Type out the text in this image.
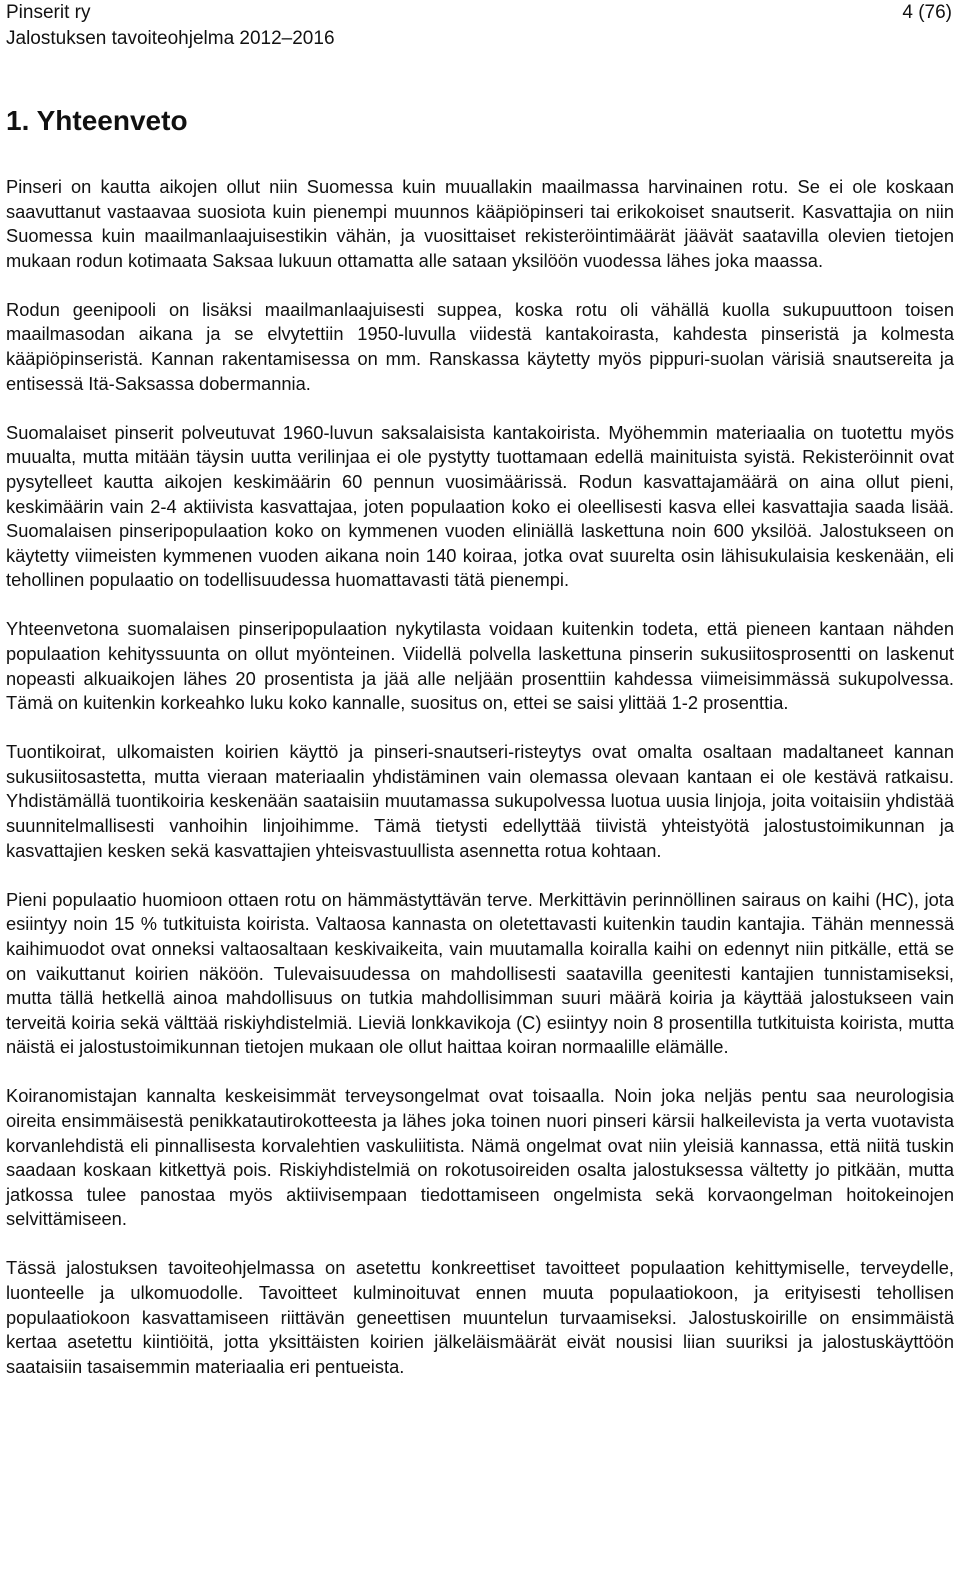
Pinserit ry	4 (76)
Jalostuksen tavoiteohjelma 2012–2016
1. Yhteenveto

Pinseri on kautta aikojen ollut niin Suomessa kuin muuallakin maailmassa harvinainen rotu. Se ei ole koskaan saavuttanut vastaavaa suosiota kuin pienempi muunnos kääpiöpinseri tai erikokoiset snautserit. Kasvattajia on niin Suomessa kuin maailmanlaajuisestikin vähän, ja vuosittaiset rekisteröintimäärät jäävät saatavilla olevien tietojen mukaan rodun kotimaata Saksaa lukuun ottamatta alle sataan yksilöön vuodessa lähes joka maassa.

Rodun geenipooli on lisäksi maailmanlaajuisesti suppea, koska rotu oli vähällä kuolla sukupuuttoon toisen maailmasodan aikana ja se elvytettiin 1950-luvulla viidestä kantakoirasta, kahdesta pinseristä ja kolmesta kääpiöpinseristä. Kannan rakentamisessa on mm. Ranskassa käytetty myös pippuri-suolan värisiä snautsereita ja entisessä Itä-Saksassa dobermannia.

Suomalaiset pinserit polveutuvat 1960-luvun saksalaisista kantakoirista. Myöhemmin materiaalia on tuotettu myös muualta, mutta mitään täysin uutta verilinjaa ei ole pystytty tuottamaan edellä mainituista syistä. Rekisteröinnit ovat pysytelleet kautta aikojen keskimäärin 60 pennun vuosimäärissä. Rodun kasvattajamäärä on aina ollut pieni, keskimäärin vain 2-4 aktiivista kasvattajaa, joten populaation koko ei oleellisesti kasva ellei kasvattajia saada lisää. Suomalaisen pinseripopulaation koko on kymmenen vuoden eliniällä laskettuna noin 600 yksilöä. Jalostukseen on käytetty viimeisten kymmenen vuoden aikana noin 140 koiraa, jotka ovat suurelta osin lähisukulaisia keskenään, eli tehollinen populaatio on todellisuudessa huomattavasti tätä pienempi.

Yhteenvetona suomalaisen pinseripopulaation nykytilasta voidaan kuitenkin todeta, että pieneen kantaan nähden populaation kehityssuunta on ollut myönteinen. Viidellä polvella laskettuna pinserin sukusiitosprosentti on laskenut nopeasti alkuaikojen lähes 20 prosentista ja jää alle neljään prosenttiin kahdessa viimeisimmässä sukupolvessa. Tämä on kuitenkin korkeahko luku koko kannalle, suositus on, ettei se saisi ylittää 1-2 prosenttia.

Tuontikoirat, ulkomaisten koirien käyttö ja pinseri-snautseri-risteytys ovat omalta osaltaan madaltaneet kannan sukusiitosastetta, mutta vieraan materiaalin yhdistäminen vain olemassa olevaan kantaan ei ole kestävä ratkaisu. Yhdistämällä tuontikoiria keskenään saataisiin muutamassa sukupolvessa luotua uusia linjoja, joita voitaisiin yhdistää suunnitelmallisesti vanhoihin linjoihimme. Tämä tietysti edellyttää tiivistä yhteistyötä jalostustoimikunnan ja kasvattajien kesken sekä kasvattajien yhteisvastuullista asennetta rotua kohtaan.

Pieni populaatio huomioon ottaen rotu on hämmästyttävän terve. Merkittävin perinnöllinen sairaus on kaihi (HC), jota esiintyy noin 15 % tutkituista koirista. Valtaosa kannasta on oletettavasti kuitenkin taudin kantajia. Tähän mennessä kaihimuodot ovat onneksi valtaosaltaan keskivaikeita, vain muutamalla koiralla kaihi on edennyt niin pitkälle, että se on vaikuttanut koirien näköön. Tulevaisuudessa on mahdollisesti saatavilla geenitesti kantajien tunnistamiseksi, mutta tällä hetkellä ainoa mahdollisuus on tutkia mahdollisimman suuri määrä koiria ja käyttää jalostukseen vain terveitä koiria sekä välttää riskiyhdistelmiä. Lieviä lonkkavikoja (C) esiintyy noin 8 prosentilla tutkituista koirista, mutta näistä ei jalostustoimikunnan tietojen mukaan ole ollut haittaa koiran normaalille elämälle.

Koiranomistajan kannalta keskeisimmät terveysongelmat ovat toisaalla. Noin joka neljäs pentu saa neurologisia oireita ensimmäisestä penikkatautirokotteesta ja lähes joka toinen nuori pinseri kärsii halkeilevista ja verta vuotavista korvanlehdistä eli pinnallisesta korvalehtien vaskuliitista. Nämä ongelmat ovat niin yleisiä kannassa, että niitä tuskin saadaan koskaan kitkettyä pois. Riskiyhdistelmiä on rokotusoireiden osalta jalostuksessa vältetty jo pitkään, mutta jatkossa tulee panostaa myös aktiivisempaan tiedottamiseen ongelmista sekä korvaongelman hoitokeinojen selvittämiseen.

Tässä jalostuksen tavoiteohjelmassa on asetettu konkreettiset tavoitteet populaation kehittymiselle, terveydelle, luonteelle ja ulkomuodolle. Tavoitteet kulminoituvat ennen muuta populaatiokoon, ja erityisesti tehollisen populaatiokoon kasvattamiseen riittävän geneettisen muuntelun turvaamiseksi. Jalostuskoirille on ensimmäistä kertaa asetettu kiintiöitä, jotta yksittäisten koirien jälkeläismäärät eivät nousisi liian suuriksi ja jalostuskäyttöön saataisiin tasaisemmin materiaalia eri pentueista.
